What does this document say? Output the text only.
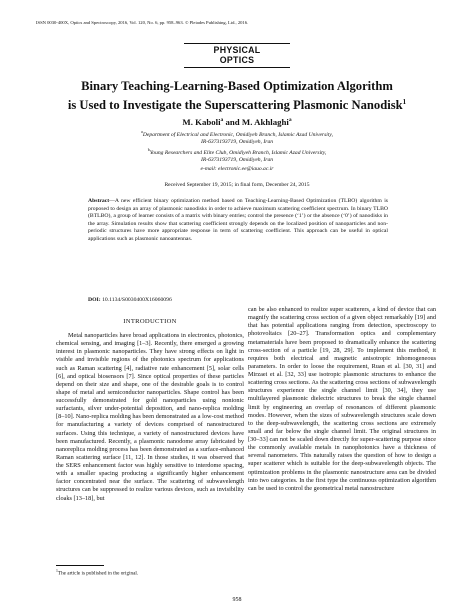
ISSN 0030-400X, Optics and Spectroscopy, 2016, Vol. 120, No. 6, pp. 958–963. © Pleiades Publishing, Ltd., 2016.
PHYSICAL
OPTICS
Binary Teaching-Learning-Based Optimization Algorithm
is Used to Investigate the Superscattering Plasmonic Nanodisk$^1$
M. Kaboli$^a$ and M. Akhlaghi$^a$
$^a$Department of Electrical and Electronic, Omidiyeh Branch, Islamic Azad University,
IR-6373193719, Omidiyeh, Iran
$^b$Young Researchers and Elite Club, Omidiyeh Branch, Islamic Azad University,
IR-6373193719, Omidiyeh, Iran
e-mail: electronic.ee@iauo.ac.ir
Received September 19, 2015; in final form, December 24, 2015
Abstract—A new efficient binary optimization method based on Teaching-Learning-Based Optimization (TLBO) algorithm is proposed to design an array of plasmonic nanodisks in order to achieve maximum scattering coefficient spectrum. In binary TLBO (BTLBO), a group of learner consists of a matrix with binary entries; control the presence (‘1’) or the absence (‘0’) of nanodisks in the array. Simulation results show that scattering coefficient strongly depends on the localized position of nanoparticles and non-periodic structures have more appropriate response in term of scattering coefficient. This approach can be useful in optical applications such as plasmonic nanoantennas.
DOI: 10.1134/S0030400X16060096
INTRODUCTION

Metal nanoparticles have broad applications in electronics, photonics, chemical sensing, and imaging [1–3]. Recently, there emerged a growing interest in plasmonic nanoparticles. They have strong effects on light in visible and invisible regions of the photonics spectrum for applications such as Raman scattering [4], radiative rate enhancement [5], solar cells [6], and optical biosensors [7]. Since optical properties of these particles depend on their size and shape, one of the desirable goals is to control shape of metal and semiconductor nanoparticles. Shape control has been successfully demonstrated for gold nanoparticles using nonionic surfactants, silver under-potential deposition, and nano-replica molding [8–10]. Nano-replica molding has been demonstrated as a low-cost method for manufacturing a variety of devices comprised of nanostructured surfaces. Using this technique, a variety of nanostructured devices have been manufactured. Recently, a plasmonic nanodome array fabricated by nanoreplica molding process has been demonstrated as a surface-enhanced Raman scattering surface [11, 12]. In those studies, it was observed that the SERS enhancement factor was highly sensitive to interdome spacing, with a smaller spacing producing a significantly higher enhancement factor concentrated near the surface. The scattering of subwavelength structures can be suppressed to realize various devices, such as invisibility cloaks [13–18], but

can be also enhanced to realize super scatterers, a kind of device that can magnify the scattering cross section of a given object remarkably [19] and that has potential applications ranging from detection, spectroscopy to photovoltaics [20–27]. Transformation optics and complementary metamaterials have been proposed to dramatically enhance the scattering cross-section of a particle [19, 28, 29]. To implement this method, it requires both electrical and magnetic anisotropic inhomogeneous parameters. In order to loose the requirement, Ruan et al. [30, 31] and Mirzaei et al. [32, 33] use isotropic plasmonic structures to enhance the scattering cross sections. As the scattering cross sections of subwavelength structures experience the single channel limit [30, 34], they use multilayered plasmonic dielectric structures to break the single channel limit by engineering an overlap of resonances of different plasmonic modes. However, when the sizes of subwavelength structures scale down to the deep-subwavelength, the scattering cross sections are extremely small and far below the single channel limit. The original structures in [30–33] can not be scaled down directly for super-scattering purpose since the commonly available metals in nanophotonics have a thickness of several nanometers. This naturally raises the question of how to design a super scatterer which is suitable for the deep-subwavelength objects. The optimization problems in the plasmonic nanostructure area can be divided into two categories. In the first type the continuous optimization algorithm can be used to control the geometrical metal nanostructure

$^1$The article is published in the original.
958
